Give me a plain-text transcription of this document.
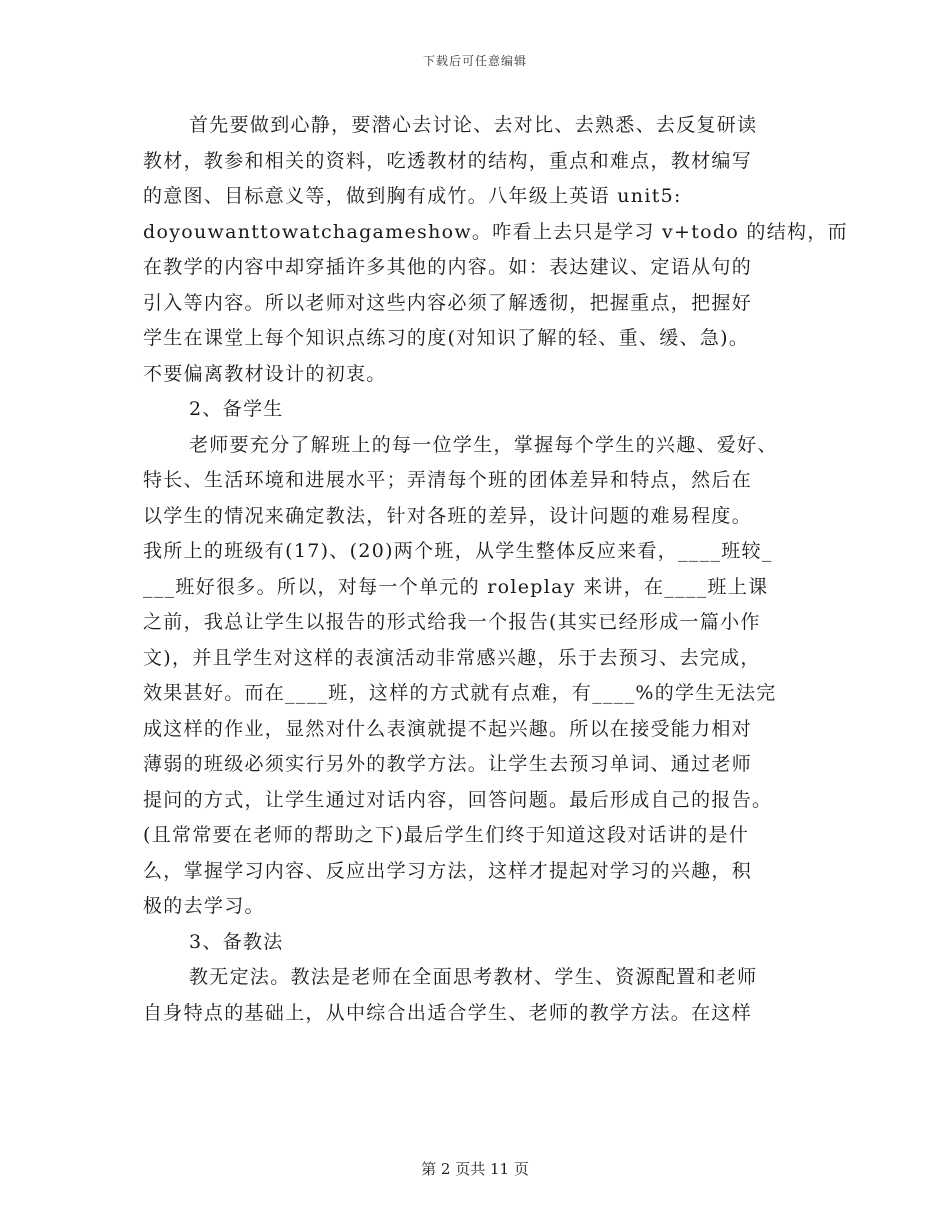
下载后可任意编辑
首先要做到心静，要潜心去讨论、去对比、去熟悉、去反复研读
教材，教参和相关的资料，吃透教材的结构，重点和难点，教材编写
的意图、目标意义等，做到胸有成竹。八年级上英语 unit5:
doyouwanttowatchagameshow。咋看上去只是学习 v+todo 的结构，而
在教学的内容中却穿插许多其他的内容。如：表达建议、定语从句的
引入等内容。所以老师对这些内容必须了解透彻，把握重点，把握好
学生在课堂上每个知识点练习的度(对知识了解的轻、重、缓、急)。
不要偏离教材设计的初衷。
2、备学生
老师要充分了解班上的每一位学生，掌握每个学生的兴趣、爱好、
特长、生活环境和进展水平；弄清每个班的团体差异和特点，然后在
以学生的情况来确定教法，针对各班的差异，设计问题的难易程度。
我所上的班级有(17)、(20)两个班，从学生整体反应来看，____班较_
___班好很多。所以，对每一个单元的 roleplay 来讲，在____班上课
之前，我总让学生以报告的形式给我一个报告(其实已经形成一篇小作
文)，并且学生对这样的表演活动非常感兴趣，乐于去预习、去完成，
效果甚好。而在____班，这样的方式就有点难，有____%的学生无法完
成这样的作业，显然对什么表演就提不起兴趣。所以在接受能力相对
薄弱的班级必须实行另外的教学方法。让学生去预习单词、通过老师
提问的方式，让学生通过对话内容，回答问题。最后形成自己的报告。
(且常常要在老师的帮助之下)最后学生们终于知道这段对话讲的是什
么，掌握学习内容、反应出学习方法，这样才提起对学习的兴趣，积
极的去学习。
3、备教法
教无定法。教法是老师在全面思考教材、学生、资源配置和老师
自身特点的基础上，从中综合出适合学生、老师的教学方法。在这样
第 2 页共 11 页
